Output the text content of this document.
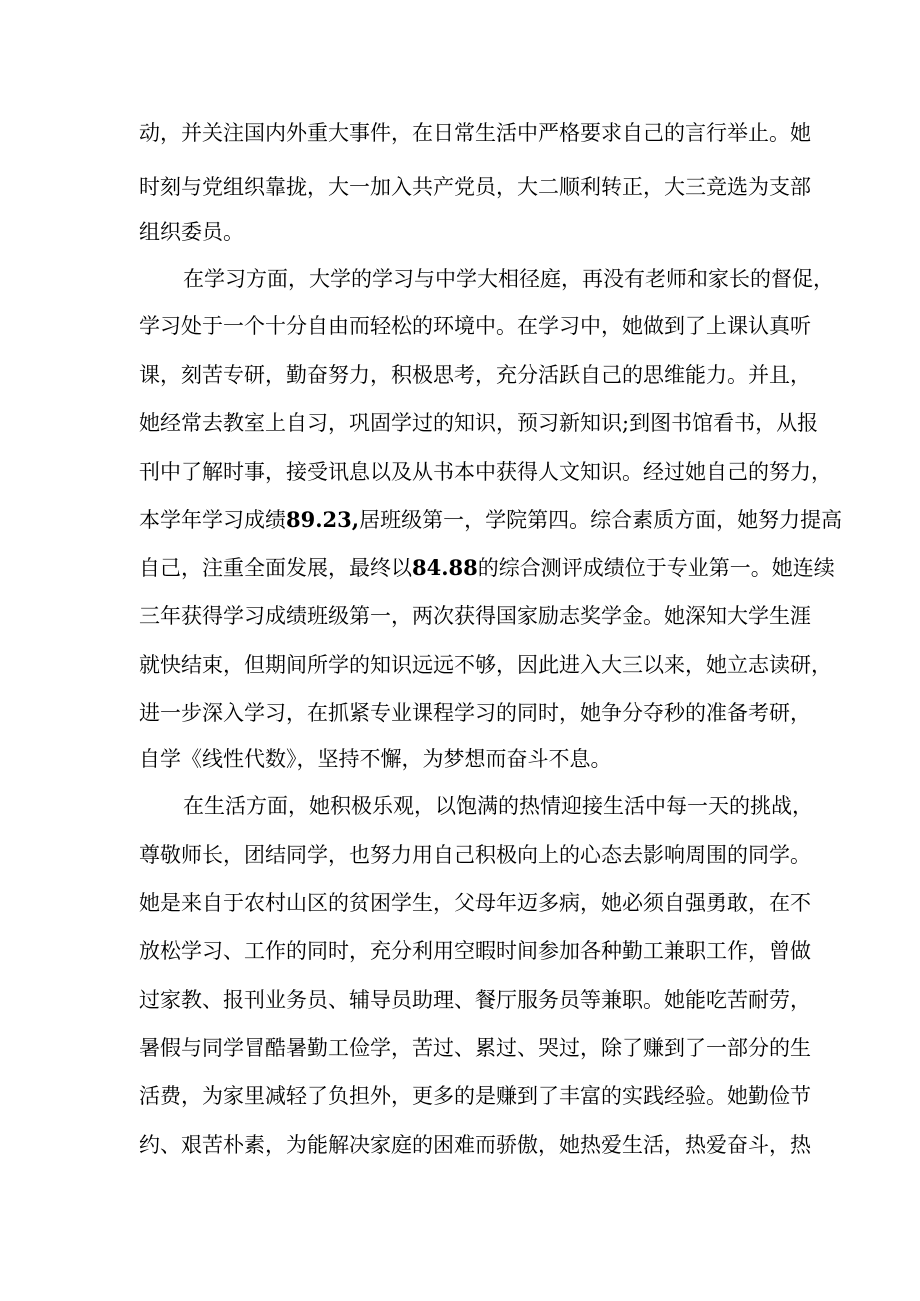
动，并关注国内外重大事件，在日常生活中严格要求自己的言行举止。她
时刻与党组织靠拢，大一加入共产党员，大二顺利转正，大三竞选为支部
组织委员。
在学习方面，大学的学习与中学大相径庭，再没有老师和家长的督促，
学习处于一个十分自由而轻松的环境中。在学习中，她做到了上课认真听
课，刻苦专研，勤奋努力，积极思考，充分活跃自己的思维能力。并且，
她经常去教室上自习，巩固学过的知识，预习新知识;到图书馆看书，从报
刊中了解时事，接受讯息以及从书本中获得人文知识。经过她自己的努力，
本学年学习成绩89.23,居班级第一，学院第四。综合素质方面，她努力提高
自己，注重全面发展，最终以84.88的综合测评成绩位于专业第一。她连续
三年获得学习成绩班级第一，两次获得国家励志奖学金。她深知大学生涯
就快结束，但期间所学的知识远远不够，因此进入大三以来，她立志读研，
进一步深入学习，在抓紧专业课程学习的同时，她争分夺秒的准备考研，
自学《线性代数》，坚持不懈，为梦想而奋斗不息。
在生活方面，她积极乐观，以饱满的热情迎接生活中每一天的挑战，
尊敬师长，团结同学，也努力用自己积极向上的心态去影响周围的同学。
她是来自于农村山区的贫困学生，父母年迈多病，她必须自强勇敢，在不
放松学习、工作的同时，充分利用空暇时间参加各种勤工兼职工作，曾做
过家教、报刊业务员、辅导员助理、餐厅服务员等兼职。她能吃苦耐劳，
暑假与同学冒酷暑勤工俭学，苦过、累过、哭过，除了赚到了一部分的生
活费，为家里减轻了负担外，更多的是赚到了丰富的实践经验。她勤俭节
约、艰苦朴素，为能解决家庭的困难而骄傲，她热爱生活，热爱奋斗，热
